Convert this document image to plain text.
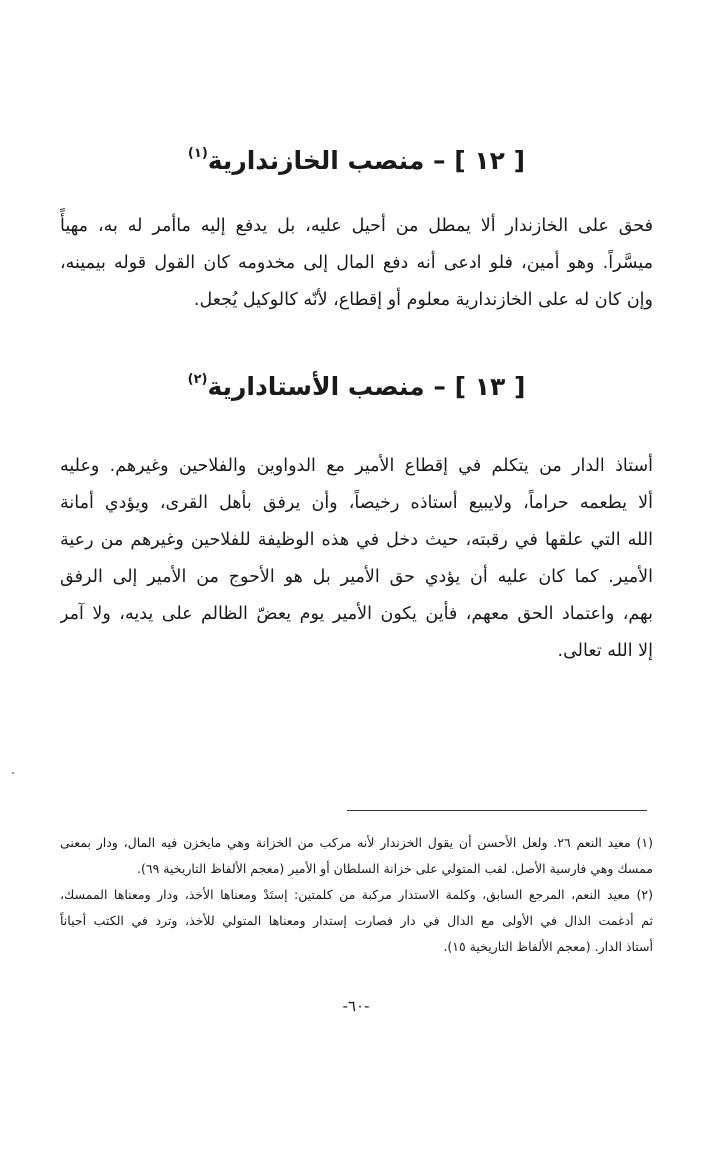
[ ١٢ ] – منصب الخازندارية$^{(١)}$
فحق على الخازندار ألا يمطل من أحيل عليه، بل يدفع إليه ماأمر له به، مهيأً
ميسَّراً. وهو أمين، فلو ادعى أنه دفع المال إلى مخدومه كان القول قوله بيمينه،
وإن كان له على الخازندارية معلوم أو إقطاع، لأنّه كالوكيل يُجعل.
[ ١٣ ] – منصب الأستادارية$^{(٢)}$
أستاذ الدار من يتكلم في إقطاع الأمير مع الدواوين والفلاحين وغيرهم. وعليه
ألا يطعمه حراماً، ولايبيع أستاذه رخيصاً، وأن يرفق بأهل القرى، ويؤدي أمانة
الله التي علقها في رقبته، حيث دخل في هذه الوظيفة للفلاحين وغيرهم من رعية
الأمير. كما كان عليه أن يؤدي حق الأمير بل هو الأحوج من الأمير إلى الرفق
بهم، واعتماد الحق معهم، فأين يكون الأمير يوم يعضّ الظالم على يديه، ولا آمر
إلا الله تعالى.
(١) معيد النعم ٢٦. ولعل الأحسن أن يقول الخزندار لأنه مركب من الخزانة وهي مايخزن فيه المال، ودار بمعنى
ممسك وهي فارسية الأصل. لقب المتولي على خزانة السلطان أو الأمير (معجم الألفاظ التاريخية ٦٩).
(٢) معيد النعم، المرجع السابق، وكلمة الاستدار مركبة من كلمتين: إستَدْ ومعناها الأخذ، ودار ومعناها الممسك،
ثم أدغمت الذال في الأولى مع الدال في دار فصارت إستدار ومعناها المتولي للأخذ، وترد في الكتب أحياناً
أستاذ الدار. (معجم الألفاظ التاريخية ١٥).
-٦٠-
